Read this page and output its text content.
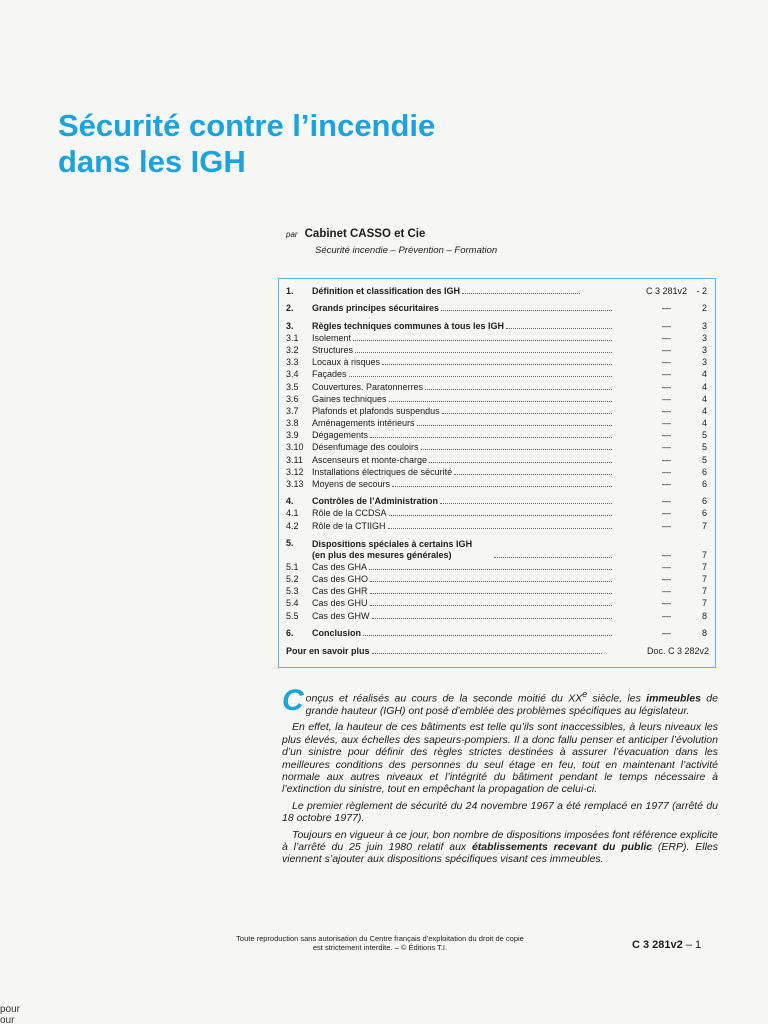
Sécurité contre l’incendie
dans les IGH
par Cabinet CASSO et Cie
Sécurité incendie – Prévention – Formation
1.	Définition et classification des IGH	C 3 281v2	- 2
2.	Grands principes sécuritaires	—	2
3.	Règles techniques communes à tous les IGH	—	3
3.1	Isolement	—	3
3.2	Structures	—	3
3.3	Locaux à risques	—	3
3.4	Façades	—	4
3.5	Couvertures. Paratonnerres	—	4
3.6	Gaines techniques	—	4
3.7	Plafonds et plafonds suspendus	—	4
3.8	Aménagements intérieurs	—	4
3.9	Dégagements	—	5
3.10 Désenfumage des couloirs	—	5
3.11	Ascenseurs et monte-charge	—	5
3.12 Installations électriques de sécurité	—	6
3.13 Moyens de secours	—	6
4.	Contrôles de l’Administration	—	6
4.1	Rôle de la CCDSA	—	6
4.2	Rôle de la CTIIGH	—	7
5.	Dispositions spéciales à certains IGH
(en plus des mesures générales)	—	7
5.1	Cas des GHA	—	7
5.2	Cas des GHO	—	7
5.3	Cas des GHR	—	7
5.4	Cas des GHU	—	7
5.5	Cas des GHW	—	8
6.	Conclusion	—	8
Pour en savoir plus	Doc. C 3 282v2

Conçus et réalisés au cours de la seconde moitié du XXe siècle, les immeubles de grande hauteur (IGH) ont posé d’emblée des problèmes spécifiques au législateur.

En effet, la hauteur de ces bâtiments est telle qu’ils sont inaccessibles, à leurs niveaux les plus élevés, aux échelles des sapeurs-pompiers. Il a donc fallu penser et anticiper l’évolution d’un sinistre pour définir des règles strictes destinées à assurer l’évacuation dans les meilleures conditions des personnes du seul étage en feu, tout en maintenant l’activité normale aux autres niveaux et l’intégrité du bâtiment pendant le temps nécessaire à l’extinction du sinistre, tout en empêchant la propagation de celui-ci.

Le premier règlement de sécurité du 24 novembre 1967 a été remplacé en 1977 (arrêté du 18 octobre 1977).

Toujours en vigueur à ce jour, bon nombre de dispositions imposées font référence explicite à l’arrêté du 25 juin 1980 relatif aux établissements recevant du public (ERP). Elles viennent s’ajouter aux dispositions spécifiques visant ces immeubles.

Toute reproduction sans autorisation du Centre français d’exploitation du droit de copie
est strictement interdite. – © Éditions T.I.	C 3 281v2 – 1
pour
our
